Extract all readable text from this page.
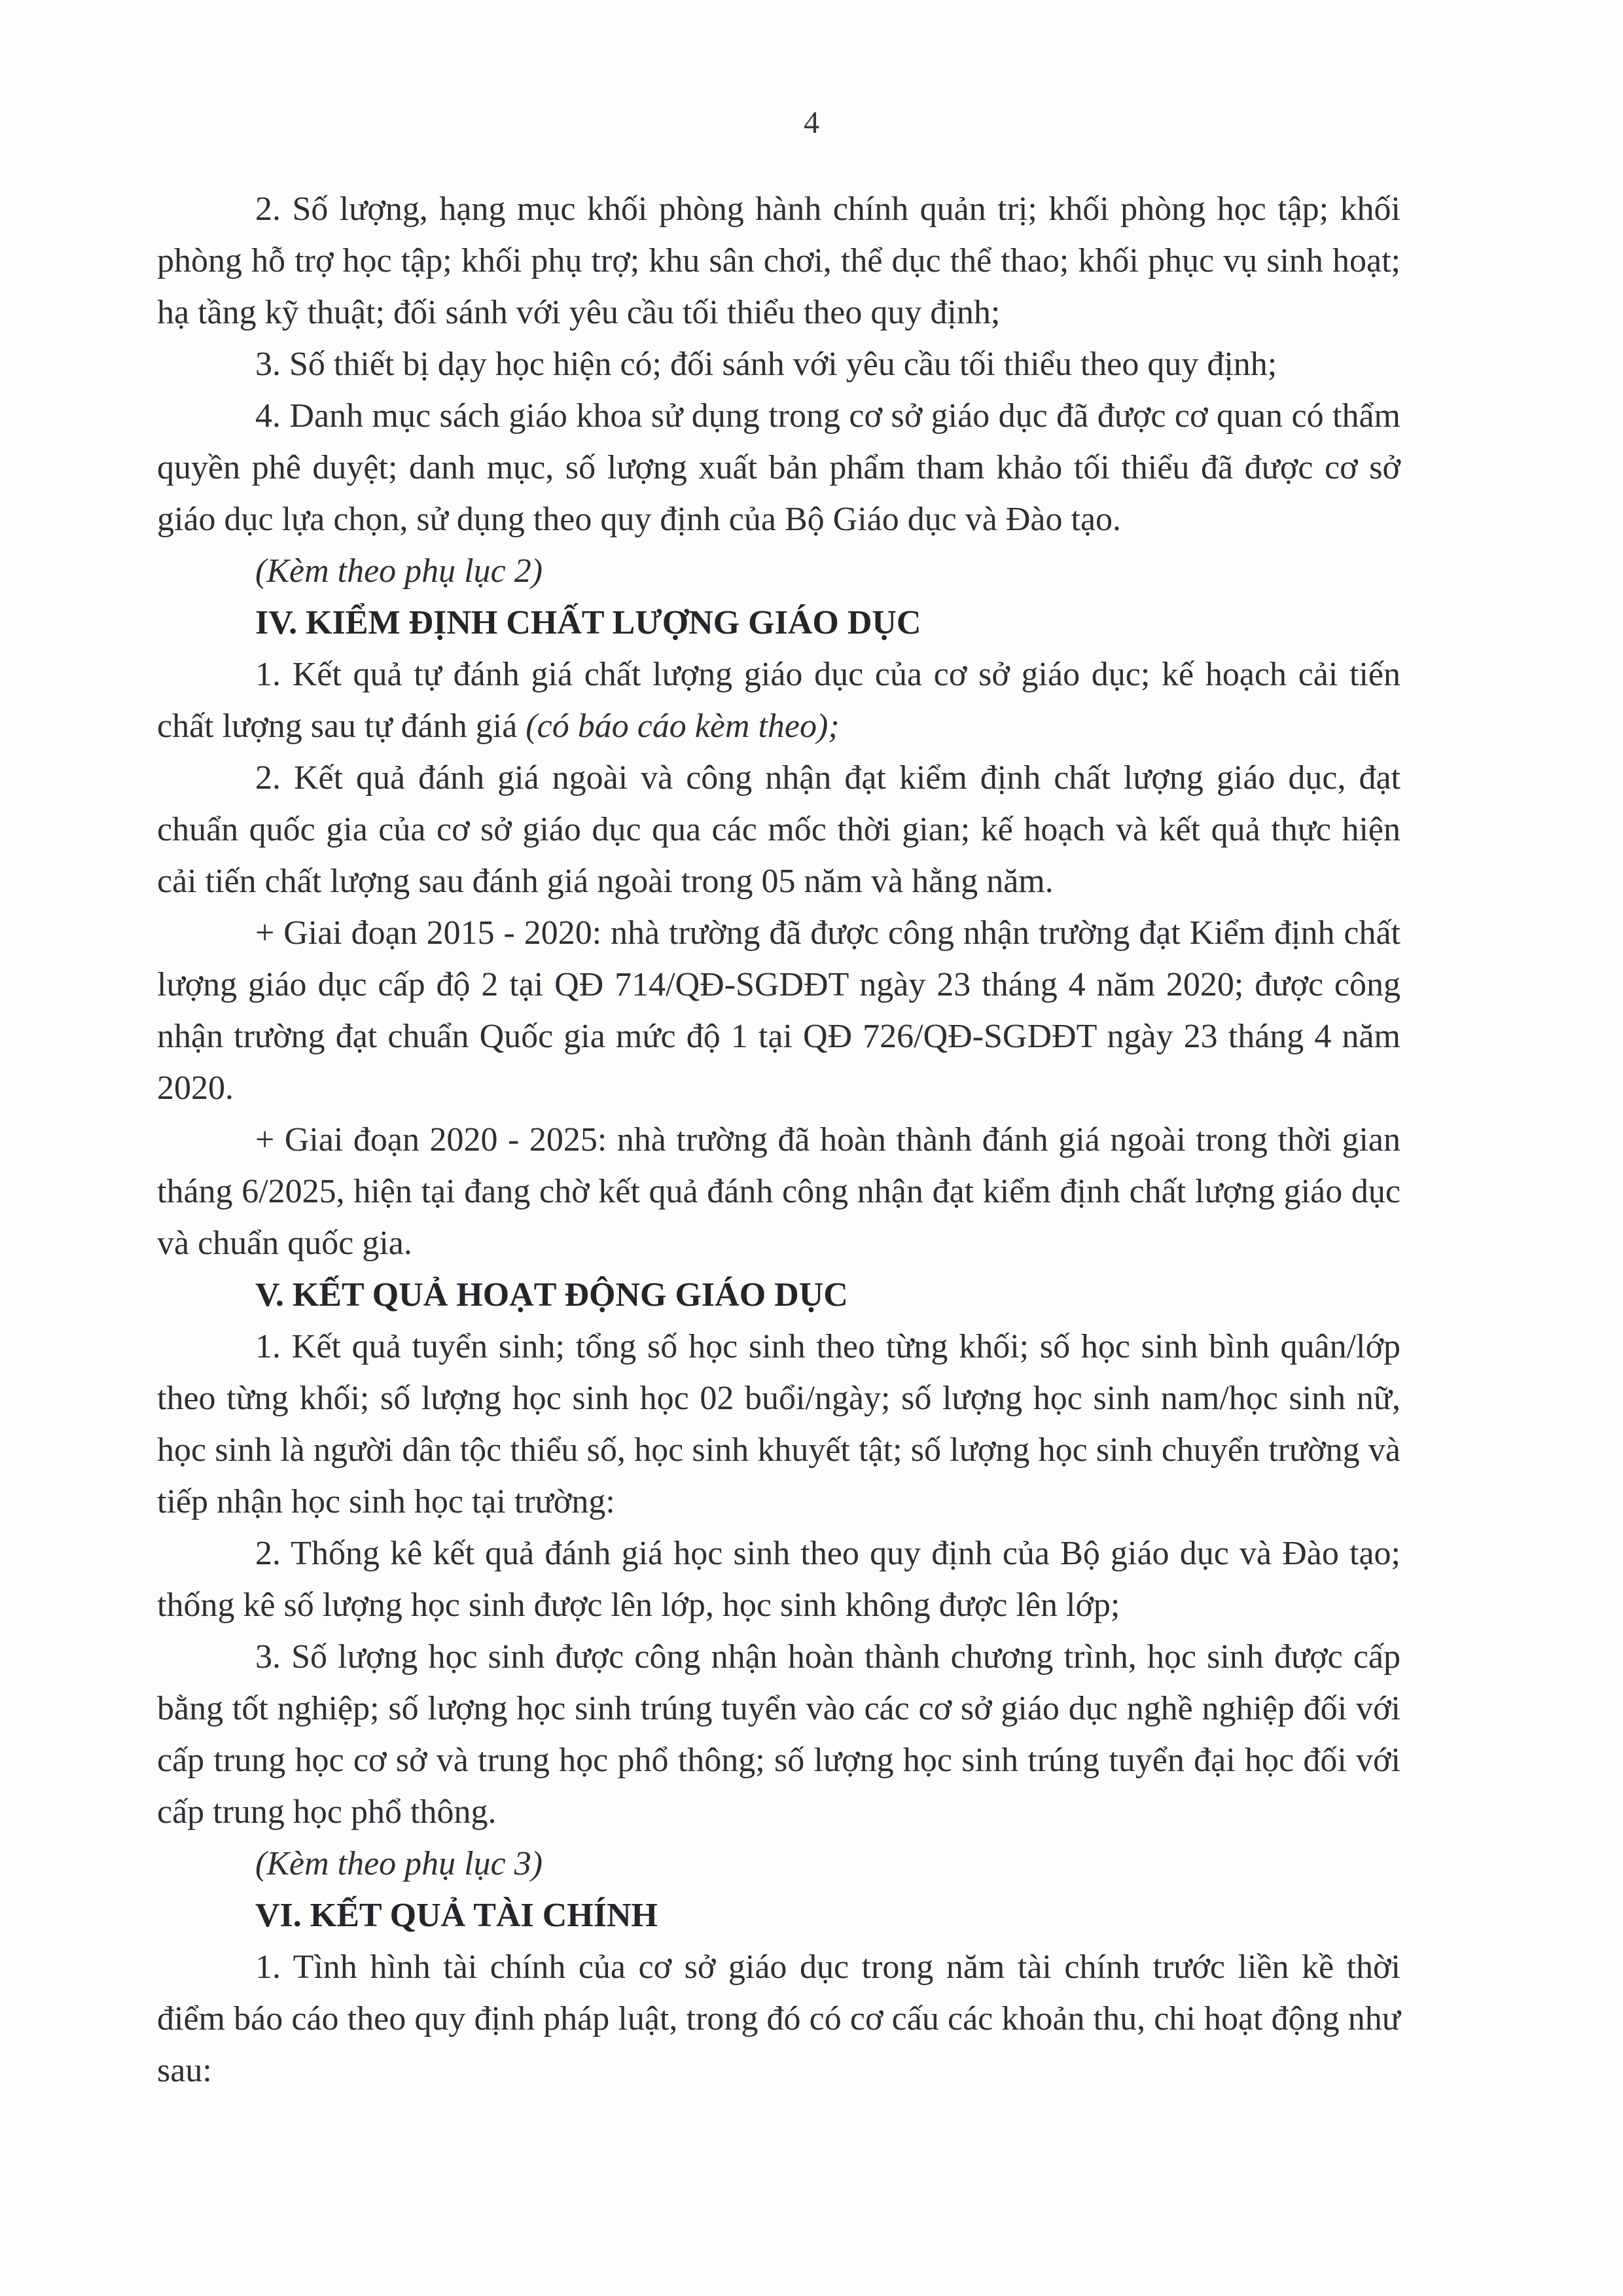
4

2. Số lượng, hạng mục khối phòng hành chính quản trị; khối phòng học tập; khối phòng hỗ trợ học tập; khối phụ trợ; khu sân chơi, thể dục thể thao; khối phục vụ sinh hoạt; hạ tầng kỹ thuật; đối sánh với yêu cầu tối thiểu theo quy định;

3. Số thiết bị dạy học hiện có; đối sánh với yêu cầu tối thiểu theo quy định;

4. Danh mục sách giáo khoa sử dụng trong cơ sở giáo dục đã được cơ quan có thẩm quyền phê duyệt; danh mục, số lượng xuất bản phẩm tham khảo tối thiểu đã được cơ sở giáo dục lựa chọn, sử dụng theo quy định của Bộ Giáo dục và Đào tạo.

(Kèm theo phụ lục 2)

IV. KIỂM ĐỊNH CHẤT LƯỢNG GIÁO DỤC

1. Kết quả tự đánh giá chất lượng giáo dục của cơ sở giáo dục; kế hoạch cải tiến chất lượng sau tự đánh giá (có báo cáo kèm theo);

2. Kết quả đánh giá ngoài và công nhận đạt kiểm định chất lượng giáo dục, đạt chuẩn quốc gia của cơ sở giáo dục qua các mốc thời gian; kế hoạch và kết quả thực hiện cải tiến chất lượng sau đánh giá ngoài trong 05 năm và hằng năm.

+ Giai đoạn 2015 - 2020: nhà trường đã được công nhận trường đạt Kiểm định chất lượng giáo dục cấp độ 2 tại QĐ 714/QĐ-SGDĐT ngày 23 tháng 4 năm 2020; được công nhận trường đạt chuẩn Quốc gia mức độ 1 tại QĐ 726/QĐ-SGDĐT ngày 23 tháng 4 năm 2020.

+ Giai đoạn 2020 - 2025: nhà trường đã hoàn thành đánh giá ngoài trong thời gian tháng 6/2025, hiện tại đang chờ kết quả đánh công nhận đạt kiểm định chất lượng giáo dục và chuẩn quốc gia.

V. KẾT QUẢ HOẠT ĐỘNG GIÁO DỤC

1. Kết quả tuyển sinh; tổng số học sinh theo từng khối; số học sinh bình quân/lớp theo từng khối; số lượng học sinh học 02 buổi/ngày; số lượng học sinh nam/học sinh nữ, học sinh là người dân tộc thiểu số, học sinh khuyết tật; số lượng học sinh chuyển trường và tiếp nhận học sinh học tại trường:

2. Thống kê kết quả đánh giá học sinh theo quy định của Bộ giáo dục và Đào tạo; thống kê số lượng học sinh được lên lớp, học sinh không được lên lớp;

3. Số lượng học sinh được công nhận hoàn thành chương trình, học sinh được cấp bằng tốt nghiệp; số lượng học sinh trúng tuyển vào các cơ sở giáo dục nghề nghiệp đối với cấp trung học cơ sở và trung học phổ thông; số lượng học sinh trúng tuyển đại học đối với cấp trung học phổ thông.

(Kèm theo phụ lục 3)

VI. KẾT QUẢ TÀI CHÍNH

1. Tình hình tài chính của cơ sở giáo dục trong năm tài chính trước liền kề thời điểm báo cáo theo quy định pháp luật, trong đó có cơ cấu các khoản thu, chi hoạt động như sau:
